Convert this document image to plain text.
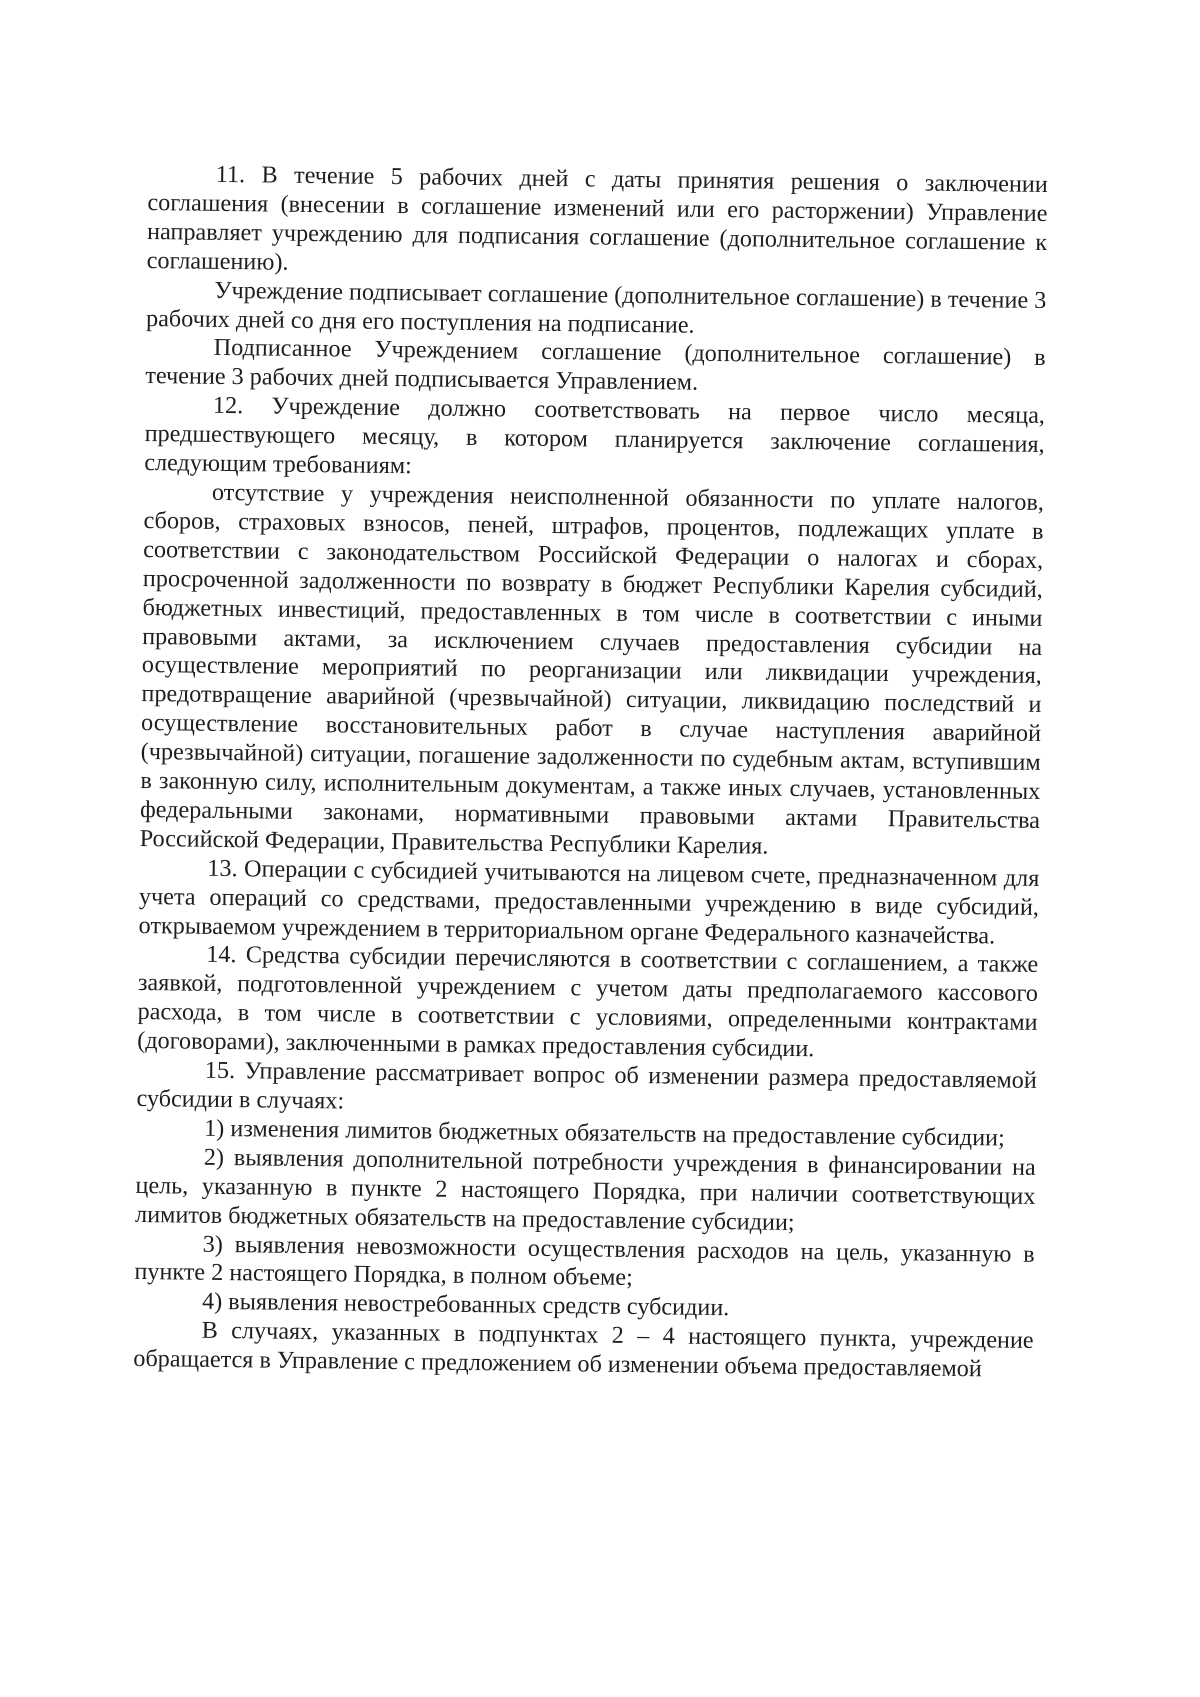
11. В течение 5 рабочих дней с даты принятия решения о заключении соглашения (внесении в соглашение изменений или его расторжении) Управление направляет учреждению для подписания соглашение (дополнительное соглашение к соглашению).

Учреждение подписывает соглашение (дополнительное соглашение) в течение 3 рабочих дней со дня его поступления на подписание.

Подписанное Учреждением соглашение (дополнительное соглашение) в течение 3 рабочих дней подписывается Управлением.

12. Учреждение должно соответствовать на первое число месяца, предшествующего месяцу, в котором планируется заключение соглашения, следующим требованиям:

отсутствие у учреждения неисполненной обязанности по уплате налогов, сборов, страховых взносов, пеней, штрафов, процентов, подлежащих уплате в соответствии с законодательством Российской Федерации о налогах и сборах, просроченной задолженности по возврату в бюджет Республики Карелия субсидий, бюджетных инвестиций, предоставленных в том числе в соответствии с иными правовыми актами, за исключением случаев предоставления субсидии на осуществление мероприятий по реорганизации или ликвидации учреждения, предотвращение аварийной (чрезвычайной) ситуации, ликвидацию последствий и осуществление восстановительных работ в случае наступления аварийной (чрезвычайной) ситуации, погашение задолженности по судебным актам, вступившим в законную силу, исполнительным документам, а также иных случаев, установленных федеральными законами, нормативными правовыми актами Правительства Российской Федерации, Правительства Республики Карелия.

13. Операции с субсидией учитываются на лицевом счете, предназначенном для учета операций со средствами, предоставленными учреждению в виде субсидий, открываемом учреждением в территориальном органе Федерального казначейства.

14. Средства субсидии перечисляются в соответствии с соглашением, а также заявкой, подготовленной учреждением с учетом даты предполагаемого кассового расхода, в том числе в соответствии с условиями, определенными контрактами (договорами), заключенными в рамках предоставления субсидии.

15. Управление рассматривает вопрос об изменении размера предоставляемой субсидии в случаях:

1) изменения лимитов бюджетных обязательств на предоставление субсидии;

2) выявления дополнительной потребности учреждения в финансировании на цель, указанную в пункте 2 настоящего Порядка, при наличии соответствующих лимитов бюджетных обязательств на предоставление субсидии;

3) выявления невозможности осуществления расходов на цель, указанную в пункте 2 настоящего Порядка, в полном объеме;

4) выявления невостребованных средств субсидии.

В случаях, указанных в подпунктах 2 – 4 настоящего пункта, учреждение обращается в Управление с предложением об изменении объема предоставляемой
